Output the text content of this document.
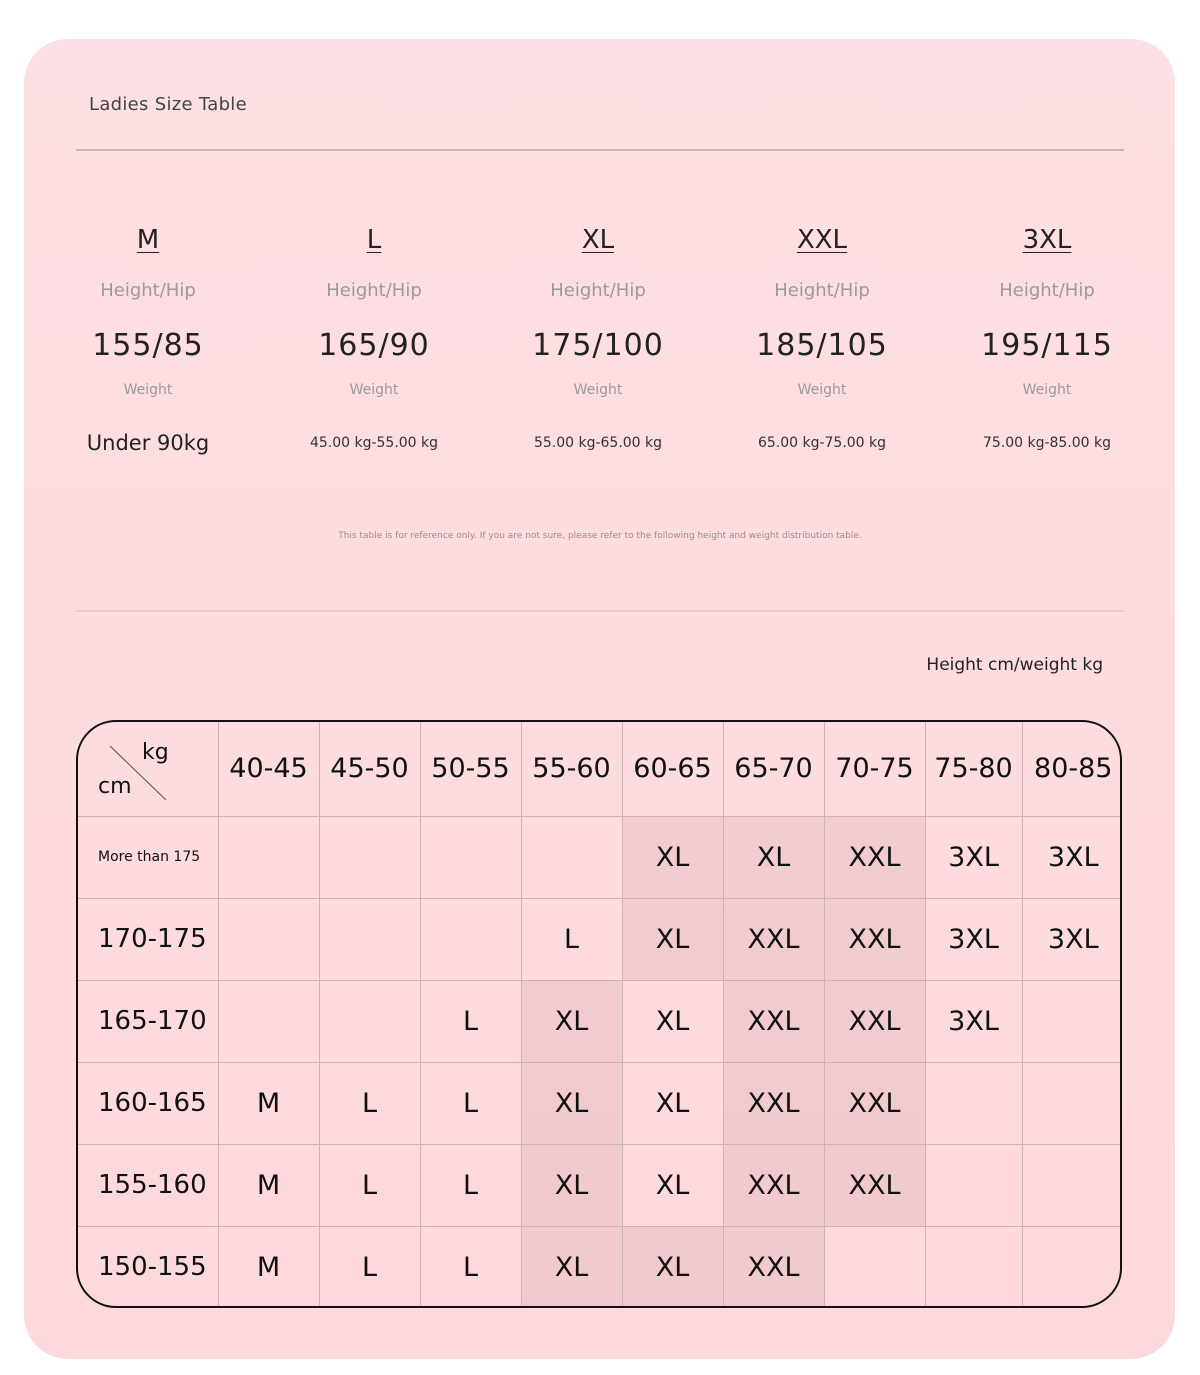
Ladies Size Table
M
Height/Hip
155/85
Weight
Under 90kg
L
Height/Hip
165/90
Weight
45.00 kg-55.00 kg
XL
Height/Hip
175/100
Weight
55.00 kg-65.00 kg
XXL
Height/Hip
185/105
Weight
65.00 kg-75.00 kg
3XL
Height/Hip
195/115
Weight
75.00 kg-85.00 kg
This table is for reference only. If you are not sure, please refer to the following height and weight distribution table.
Height cm/weight kg
kg
cm	40-45	45-50	50-55	55-60	60-65	65-70	70-75	75-80	80-85
More than 175					XL	XL	XXL	3XL	3XL
170-175				L	XL	XXL	XXL	3XL	3XL
165-170			L	XL	XL	XXL	XXL	3XL	
160-165	M	L	L	XL	XL	XXL	XXL		
155-160	M	L	L	XL	XL	XXL	XXL		
150-155	M	L	L	XL	XL	XXL			
